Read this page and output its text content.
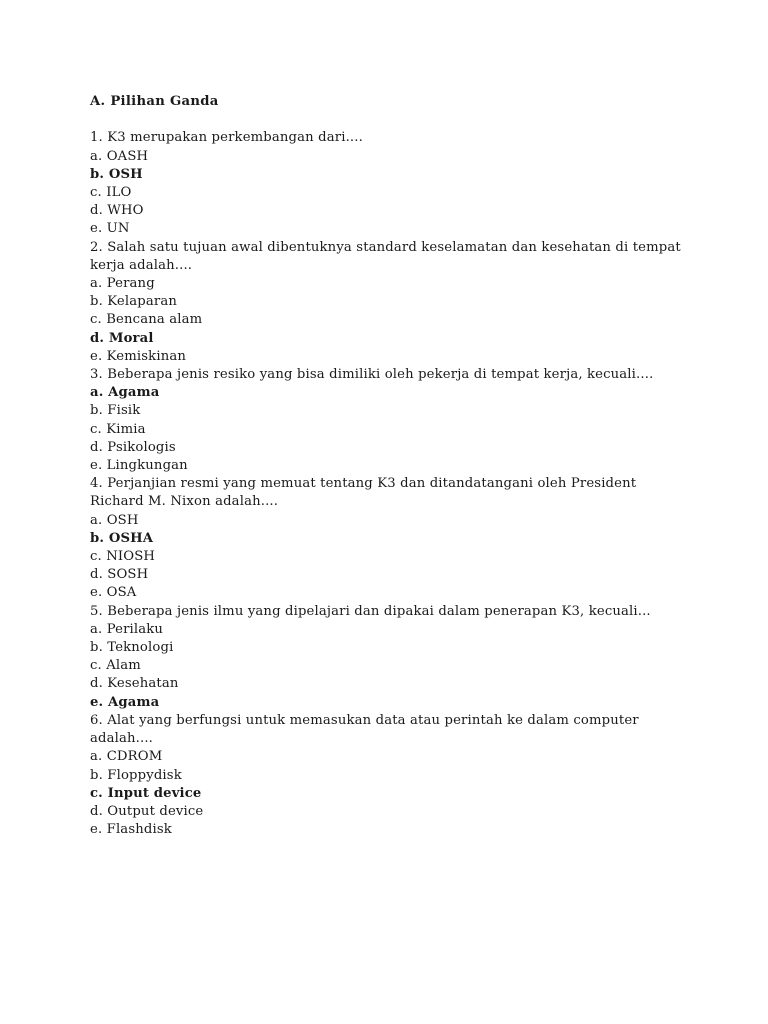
A. Pilihan Ganda

1. K3 merupakan perkembangan dari....

a. OASH

b. OSH

c. ILO

d. WHO

e. UN

2. Salah satu tujuan awal dibentuknya standard keselamatan dan kesehatan di tempat kerja adalah....

a. Perang

b. Kelaparan

c. Bencana alam

d. Moral

e. Kemiskinan

3. Beberapa jenis resiko yang bisa dimiliki oleh pekerja di tempat kerja, kecuali....

a. Agama

b. Fisik

c. Kimia

d. Psikologis

e. Lingkungan

4. Perjanjian resmi yang memuat tentang K3 dan ditandatangani oleh President Richard M. Nixon adalah....

a. OSH

b. OSHA

c. NIOSH

d. SOSH

e. OSA

5. Beberapa jenis ilmu yang dipelajari dan dipakai dalam penerapan K3, kecuali...

a. Perilaku

b. Teknologi

c. Alam

d. Kesehatan

e. Agama

6. Alat yang berfungsi untuk memasukan data atau perintah ke dalam computer adalah....

a. CDROM

b. Floppydisk

c. Input device

d. Output device

e. Flashdisk
